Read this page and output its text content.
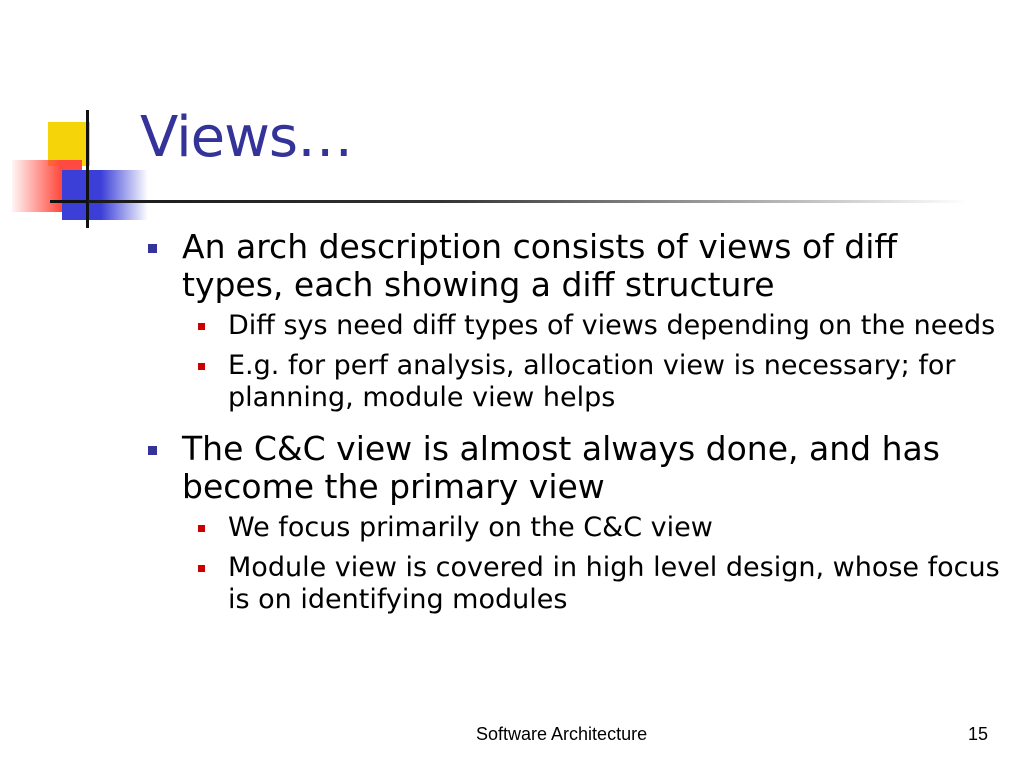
Views…
An arch description consists of views of diff types, each showing a diff structure
Diff sys need diff types of views depending on the needs
E.g. for perf analysis, allocation view is necessary; for planning, module view helps
The C&C view is almost always done, and has become the primary view
We focus primarily on the C&C view
Module view is covered in high level design, whose focus is on identifying modules
Software Architecture	15
